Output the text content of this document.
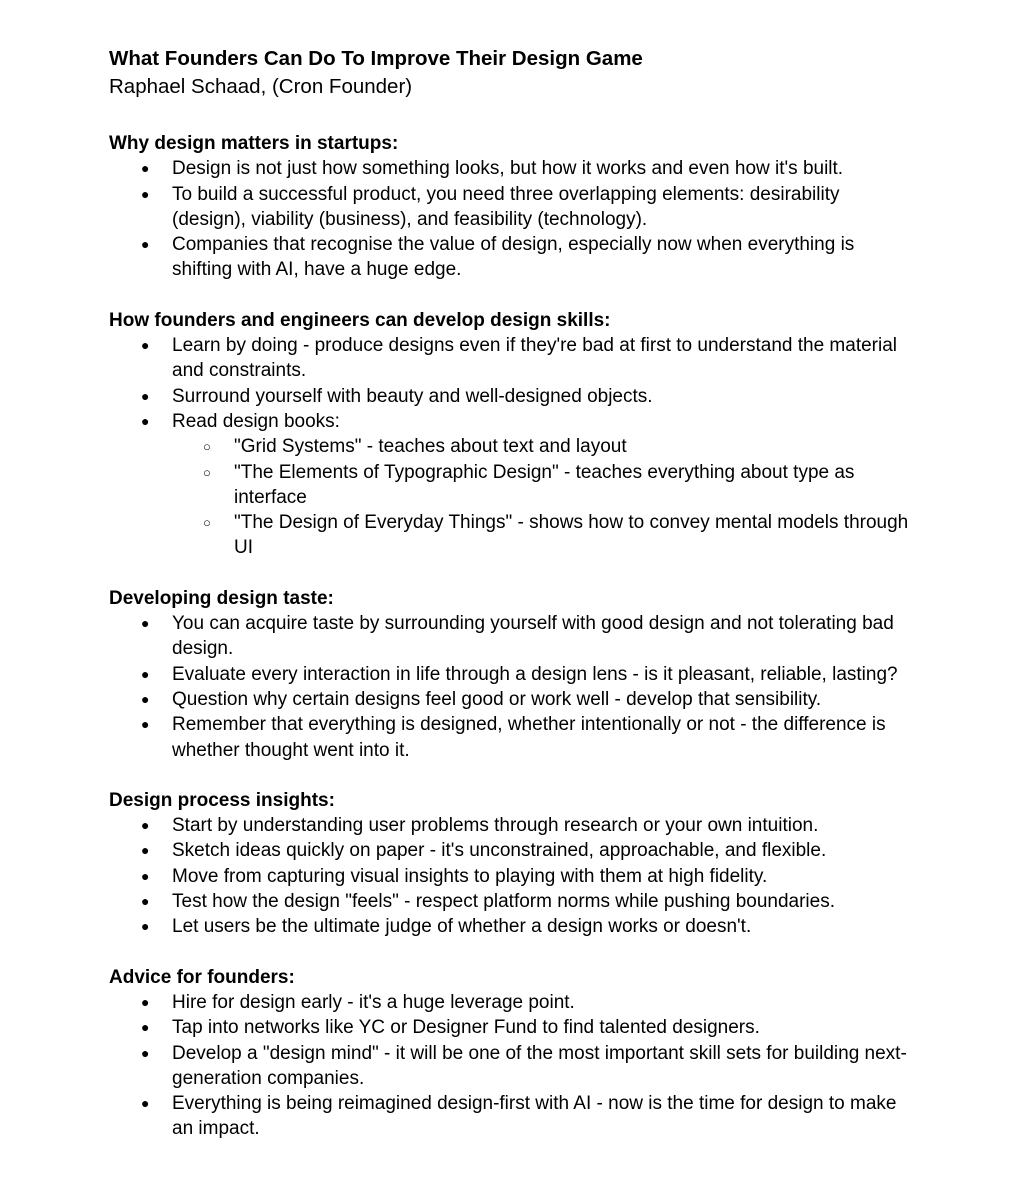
What Founders Can Do To Improve Their Design Game
Raphael Schaad, (Cron Founder)
Why design matters in startups:
● Design is not just how something looks, but how it works and even how it's built.
● To build a successful product, you need three overlapping elements: desirability (design), viability (business), and feasibility (technology).
● Companies that recognise the value of design, especially now when everything is shifting with AI, have a huge edge.
How founders and engineers can develop design skills:
● Learn by doing - produce designs even if they're bad at first to understand the material and constraints.
● Surround yourself with beauty and well-designed objects.
● Read design books:
○ "Grid Systems" - teaches about text and layout
○ "The Elements of Typographic Design" - teaches everything about type as interface
○ "The Design of Everyday Things" - shows how to convey mental models through UI
Developing design taste:
● You can acquire taste by surrounding yourself with good design and not tolerating bad design.
● Evaluate every interaction in life through a design lens - is it pleasant, reliable, lasting?
● Question why certain designs feel good or work well - develop that sensibility.
● Remember that everything is designed, whether intentionally or not - the difference is whether thought went into it.
Design process insights:
● Start by understanding user problems through research or your own intuition.
● Sketch ideas quickly on paper - it's unconstrained, approachable, and flexible.
● Move from capturing visual insights to playing with them at high fidelity.
● Test how the design "feels" - respect platform norms while pushing boundaries.
● Let users be the ultimate judge of whether a design works or doesn't.
Advice for founders:
● Hire for design early - it's a huge leverage point.
● Tap into networks like YC or Designer Fund to find talented designers.
● Develop a "design mind" - it will be one of the most important skill sets for building next-generation companies.
● Everything is being reimagined design-first with AI - now is the time for design to make an impact.
